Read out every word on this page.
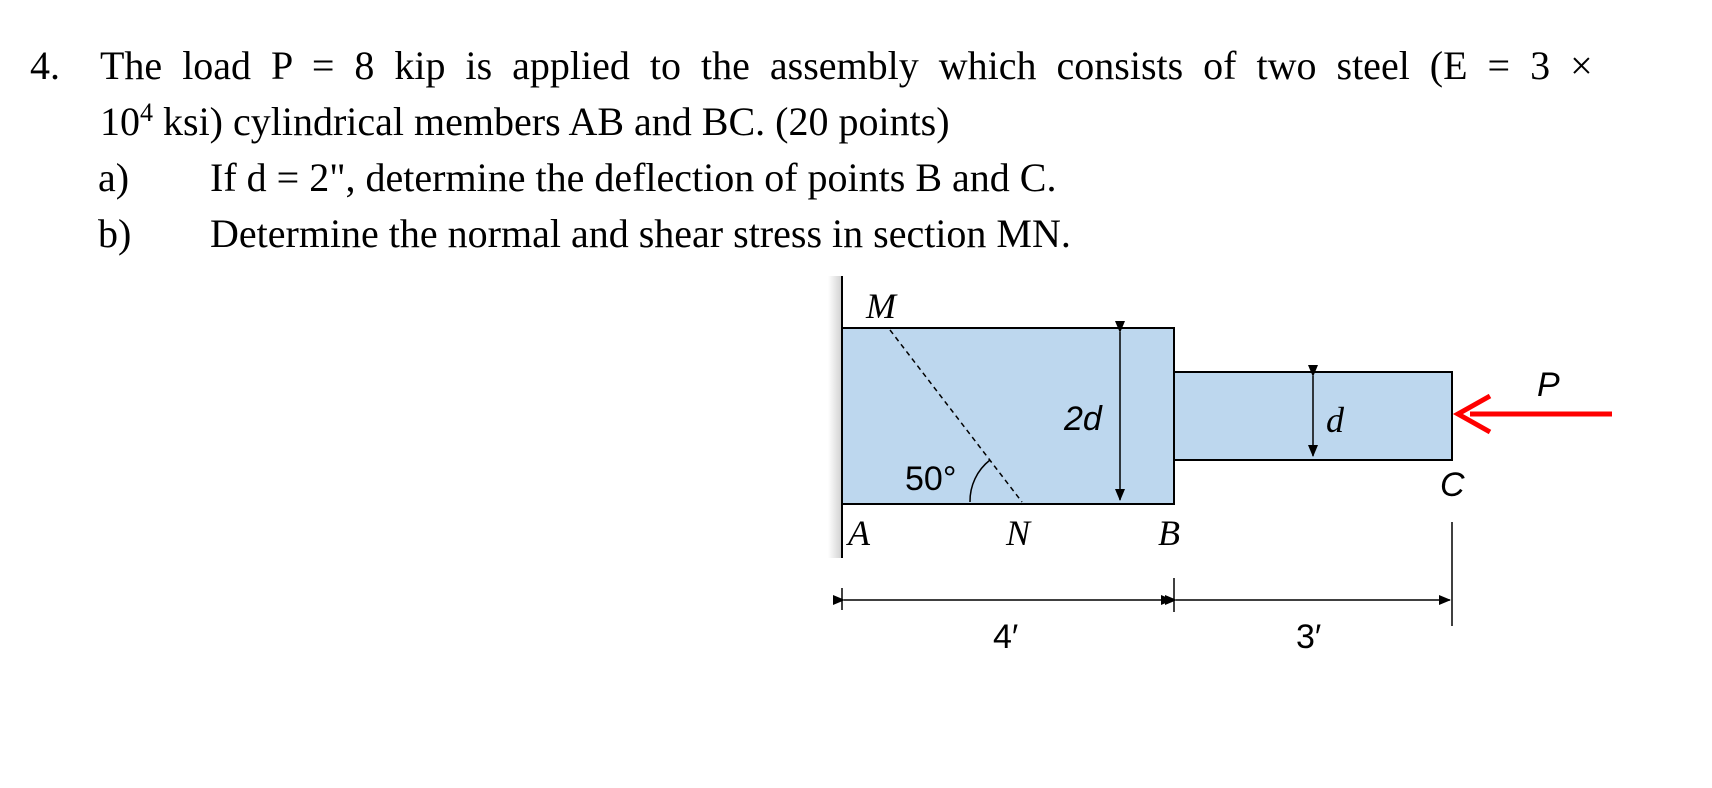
4. The load P = 8 kip is applied to the assembly which consists of two steel (E = 3 ×
$10^4$ ksi) cylindrical members AB and BC. (20 points)
a) If d = 2", determine the deflection of points B and C.
b) Determine the normal and shear stress in section MN.
50°
2d	d
P
M
A	N	B
C
4′	3′
